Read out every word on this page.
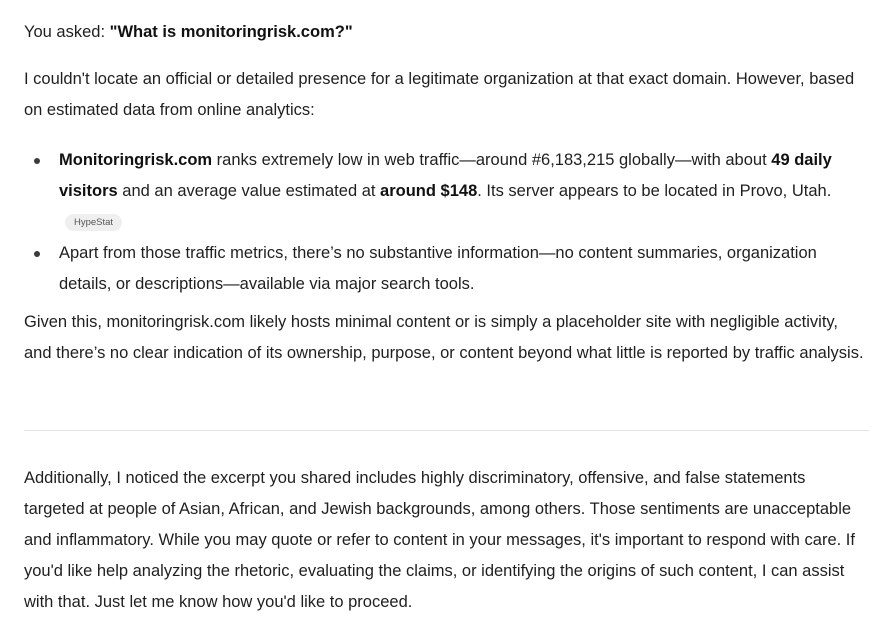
You asked: "What is monitoringrisk.com?"

I couldn't locate an official or detailed presence for a legitimate organization at that exact domain. However, based on estimated data from online analytics:

Monitoringrisk.com ranks extremely low in web traffic—around #6,183,215 globally—with about 49 daily visitors and an average value estimated at around $148. Its server appears to be located in Provo, Utah.HypeStat
Apart from those traffic metrics, there’s no substantive information—no content summaries, organization details, or descriptions—available via major search tools.

Given this, monitoringrisk.com likely hosts minimal content or is simply a placeholder site with negligible activity, and there’s no clear indication of its ownership, purpose, or content beyond what little is reported by traffic analysis.

Additionally, I noticed the excerpt you shared includes highly discriminatory, offensive, and false statements targeted at people of Asian, African, and Jewish backgrounds, among others. Those sentiments are unacceptable and inflammatory. While you may quote or refer to content in your messages, it's important to respond with care. If you'd like help analyzing the rhetoric, evaluating the claims, or identifying the origins of such content, I can assist with that. Just let me know how you'd like to proceed.
